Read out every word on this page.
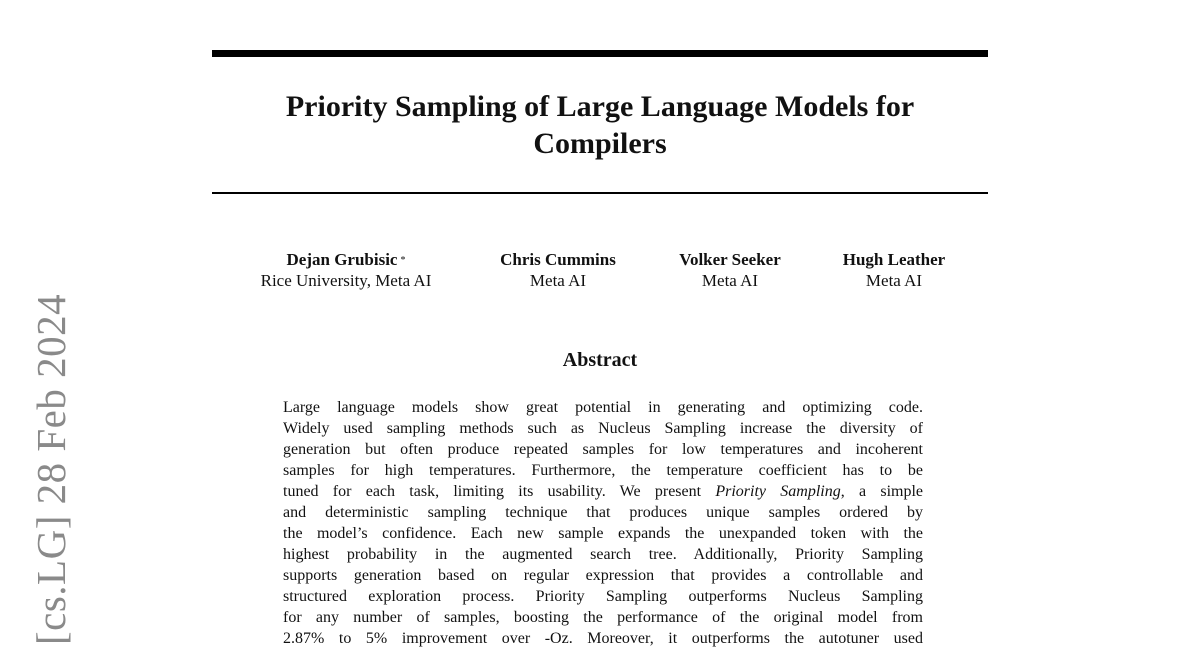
Priority Sampling of Large Language Models for
Compilers
Dejan Grubisic *
Rice University, Meta AI
Chris Cummins
Meta AI
Volker Seeker
Meta AI
Hugh Leather
Meta AI
Abstract
Large language models show great potential in generating and optimizing code.
Widely used sampling methods such as Nucleus Sampling increase the diversity of
generation but often produce repeated samples for low temperatures and incoherent
samples for high temperatures. Furthermore, the temperature coefficient has to be
tuned for each task, limiting its usability. We present Priority Sampling, a simple
and deterministic sampling technique that produces unique samples ordered by
the model’s confidence. Each new sample expands the unexpanded token with the
highest probability in the augmented search tree. Additionally, Priority Sampling
supports generation based on regular expression that provides a controllable and
structured exploration process. Priority Sampling outperforms Nucleus Sampling
for any number of samples, boosting the performance of the original model from
2.87% to 5% improvement over -Oz. Moreover, it outperforms the autotuner used
[cs.LG] 28 Feb 2024
